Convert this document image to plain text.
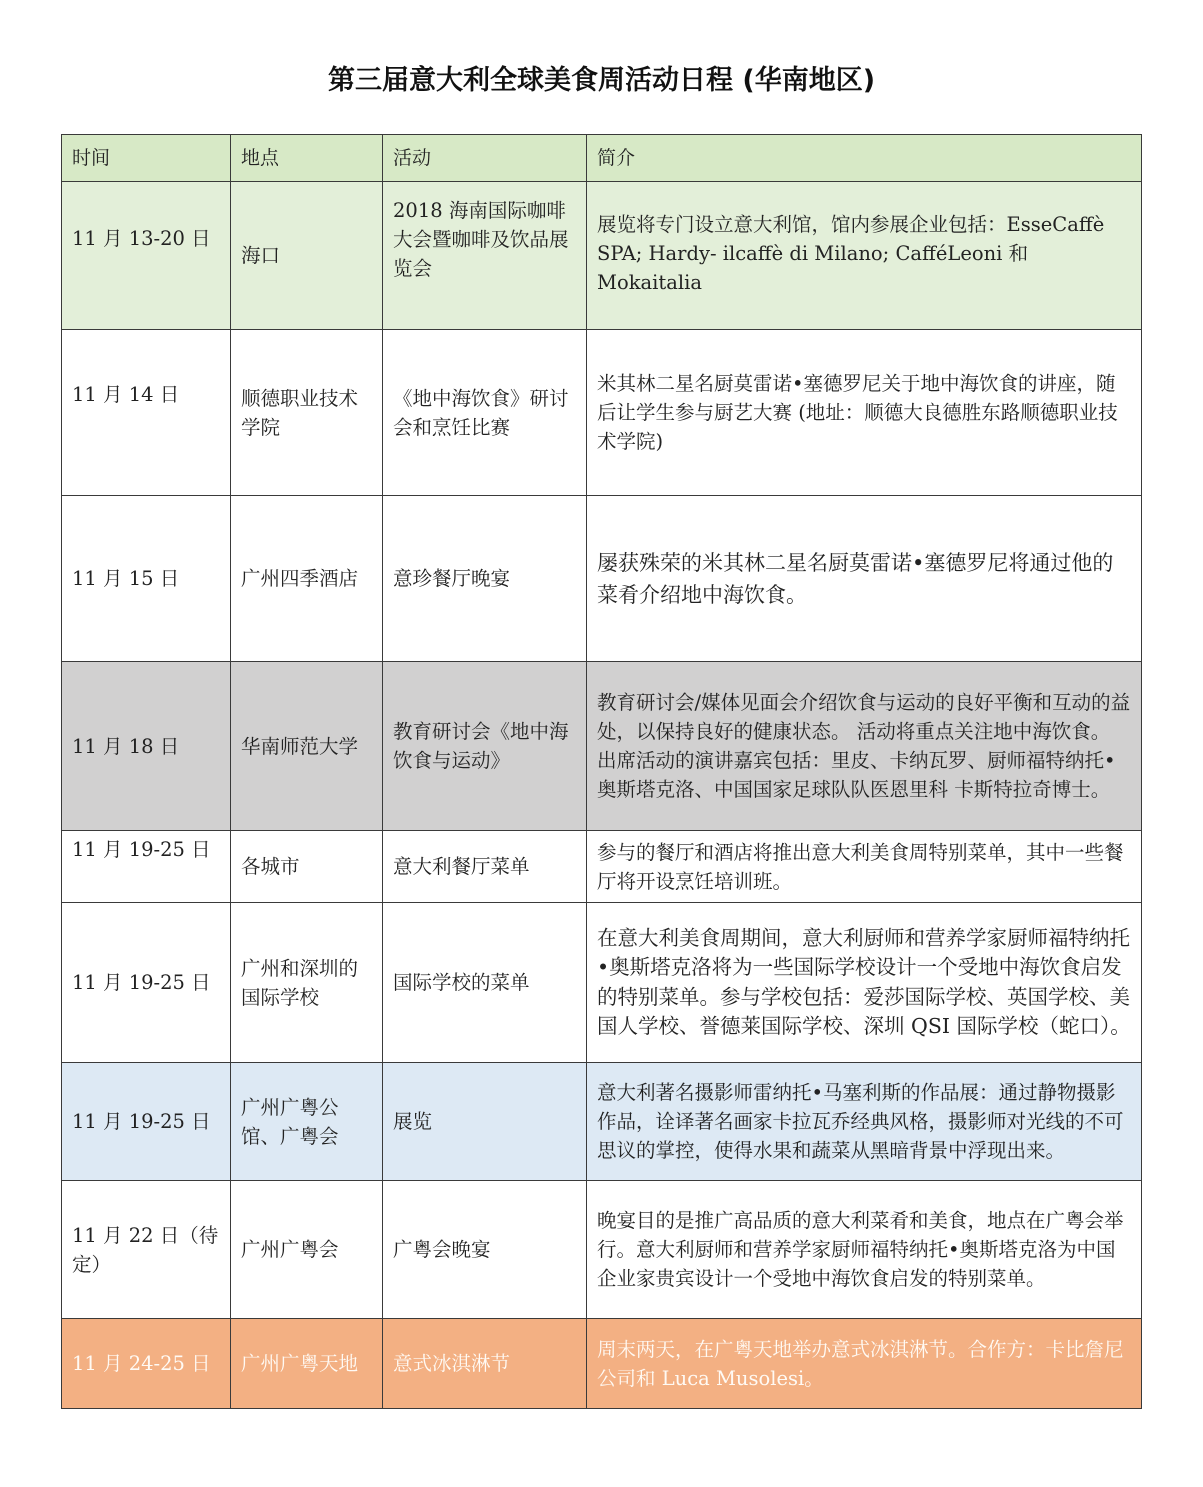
第三届意大利全球美食周活动日程 (华南地区)
时间	地点	活动	简介
11 月 13-20 日	海口	2018 海南国际咖啡大会暨咖啡及饮品展览会	展览将专门设立意大利馆，馆内参展企业包括：EsseCaffè SPA; Hardy- ilcaffè di Milano; CafféLeoni 和 Mokaitalia
11 月 14 日	顺德职业技术学院	《地中海饮食》研讨会和烹饪比赛	米其林二星名厨莫雷诺•塞德罗尼关于地中海饮食的讲座，随后让学生参与厨艺大赛 (地址：顺德大良德胜东路顺德职业技术学院)
11 月 15 日	广州四季酒店	意珍餐厅晚宴	屡获殊荣的米其林二星名厨莫雷诺•塞德罗尼将通过他的菜肴介绍地中海饮食。
11 月 18 日	华南师范大学	教育研讨会《地中海饮食与运动》	教育研讨会/媒体见面会介绍饮食与运动的良好平衡和互动的益处，以保持良好的健康状态。 活动将重点关注地中海饮食。 出席活动的演讲嘉宾包括：里皮、卡纳瓦罗、厨师福特纳托•奥斯塔克洛、中国国家足球队队医恩里科 卡斯特拉奇博士。
11 月 19-25 日	各城市	意大利餐厅菜单	参与的餐厅和酒店将推出意大利美食周特别菜单，其中一些餐厅将开设烹饪培训班。
11 月 19-25 日	广州和深圳的国际学校	国际学校的菜单	在意大利美食周期间，意大利厨师和营养学家厨师福特纳托•奥斯塔克洛将为一些国际学校设计一个受地中海饮食启发的特别菜单。参与学校包括：爱莎国际学校、英国学校、美国人学校、誉德莱国际学校、深圳 QSI 国际学校（蛇口）。
11 月 19-25 日	广州广粤公馆、广粤会	展览	意大利著名摄影师雷纳托•马塞利斯的作品展：通过静物摄影作品，诠译著名画家卡拉瓦乔经典风格，摄影师对光线的不可思议的掌控，使得水果和蔬菜从黑暗背景中浮现出来。
11 月 22 日（待定）	广州广粤会	广粤会晚宴	晚宴目的是推广高品质的意大利菜肴和美食，地点在广粤会举行。意大利厨师和营养学家厨师福特纳托•奥斯塔克洛为中国企业家贵宾设计一个受地中海饮食启发的特别菜单。
11 月 24-25 日	广州广粤天地	意式冰淇淋节	周末两天，在广粤天地举办意式冰淇淋节。合作方：卡比詹尼公司和 Luca Musolesi。
